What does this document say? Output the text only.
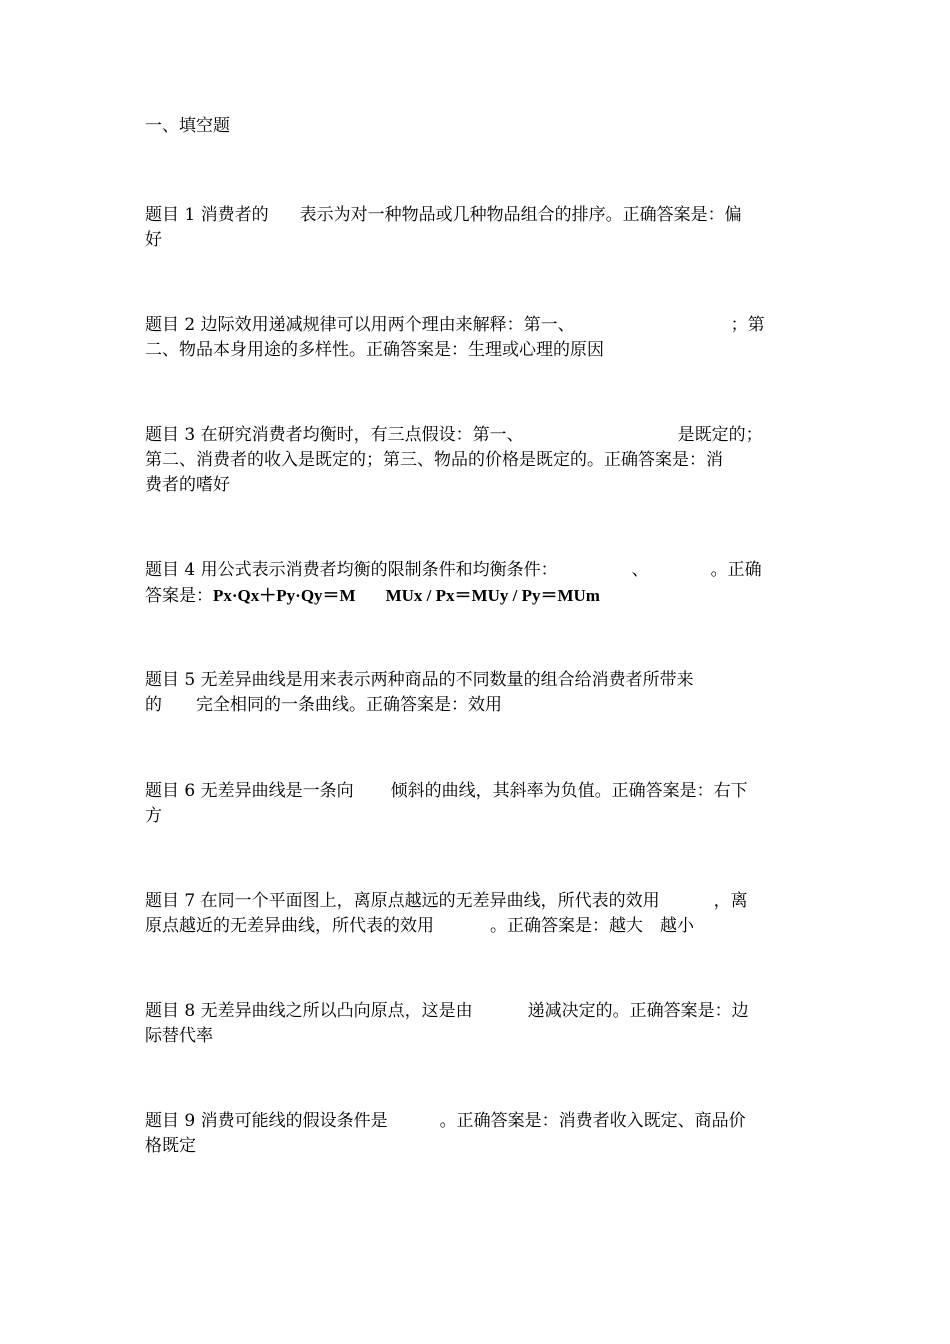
一、填空题
题目 1 消费者的 表示为对一种物品或几种物品组合的排序。正确答案是：偏
好
题目 2 边际效用递减规律可以用两个理由来解释：第一、	；第
二、物品本身用途的多样性。正确答案是：生理或心理的原因
题目 3 在研究消费者均衡时，有三点假设：第一、	是既定的；
第二、消费者的收入是既定的；第三、物品的价格是既定的。正确答案是：消
费者的嗜好
题目 4 用公式表示消费者均衡的限制条件和均衡条件：	、	。正确
答案是：Px·Qx＋Py·Qy＝M MUx / Px＝MUy / Py＝MUm
题目 5 无差异曲线是用来表示两种商品的不同数量的组合给消费者所带来
的 完全相同的一条曲线。正确答案是：效用
题目 6 无差异曲线是一条向 倾斜的曲线，其斜率为负值。正确答案是：右下
方
题目 7 在同一个平面图上，离原点越远的无差异曲线，所代表的效用	，离
原点越近的无差异曲线，所代表的效用	。正确答案是：越大 越小
题目 8 无差异曲线之所以凸向原点，这是由	递减决定的。正确答案是：边
际替代率
题目 9 消费可能线的假设条件是	。正确答案是：消费者收入既定、商品价
格既定
